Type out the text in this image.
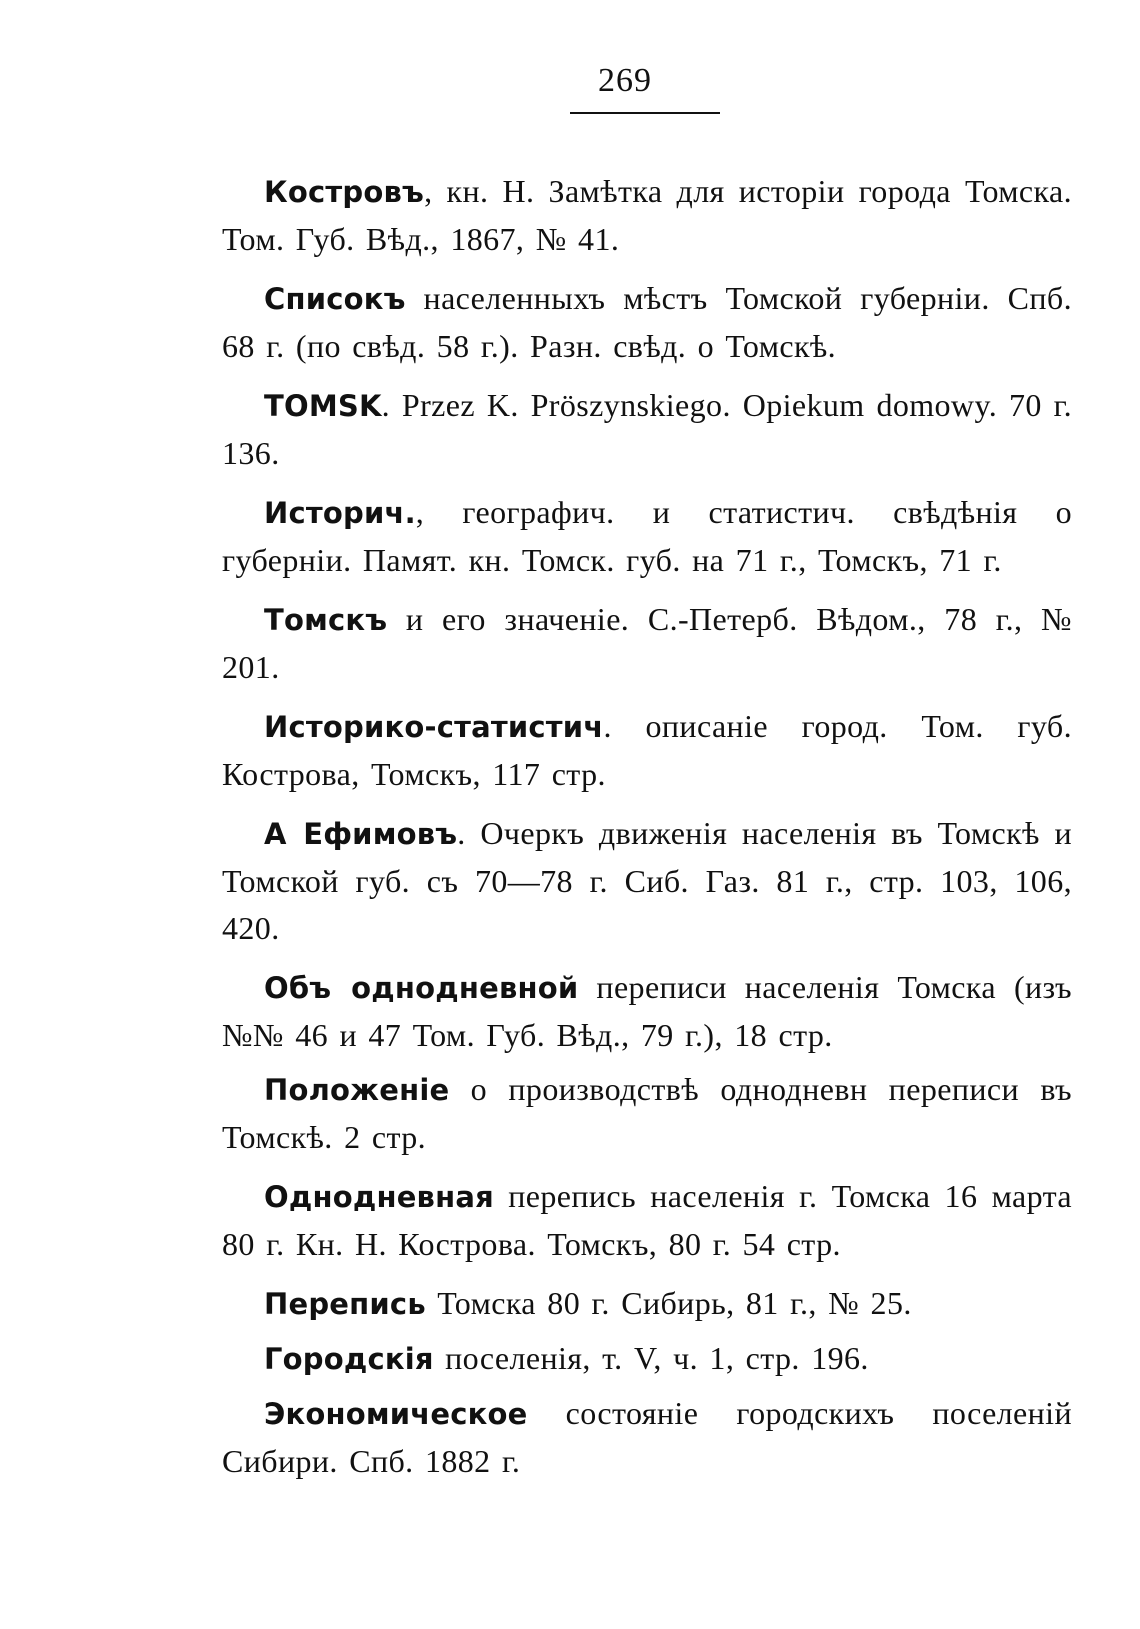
269

Костровъ, кн. Н. Замѣтка для исторіи города Томска. Том. Губ. Вѣд., 1867, № 41.

Списокъ населенныхъ мѣстъ Томской губерніи. Спб. 68 г. (по свѣд. 58 г.). Разн. свѣд. о Томскѣ.

TOMSK. Przez K. Pröszynskiego. Opiekum domowy. 70 г. 136.

Историч., географич. и статистич. свѣдѣнія о губерніи. Памят. кн. Томск. губ. на 71 г., Томскъ, 71 г.

Томскъ и его значеніе. С.-Петерб. Вѣдом., 78 г., № 201.

Историко-статистич. описаніе город. Том. губ. Кострова, Томскъ, 117 стр.

А Ефимовъ. Очеркъ движенія населенія въ Томскѣ и Томской губ. съ 70—78 г. Сиб. Газ. 81 г., стр. 103, 106, 420.

Объ однодневной переписи населенія Томска (изъ №№ 46 и 47 Том. Губ. Вѣд., 79 г.), 18 стр.

Положеніе о производствѣ однодневн переписи въ Томскѣ. 2 стр.

Однодневная перепись населенія г. Томска 16 марта 80 г. Кн. Н. Кострова. Томскъ, 80 г. 54 стр.

Перепись Томска 80 г. Сибирь, 81 г., № 25.

Городскія поселенія, т. V, ч. 1, стр. 196.

Экономическое состояніе городскихъ поселеній Сибири. Спб. 1882 г.
